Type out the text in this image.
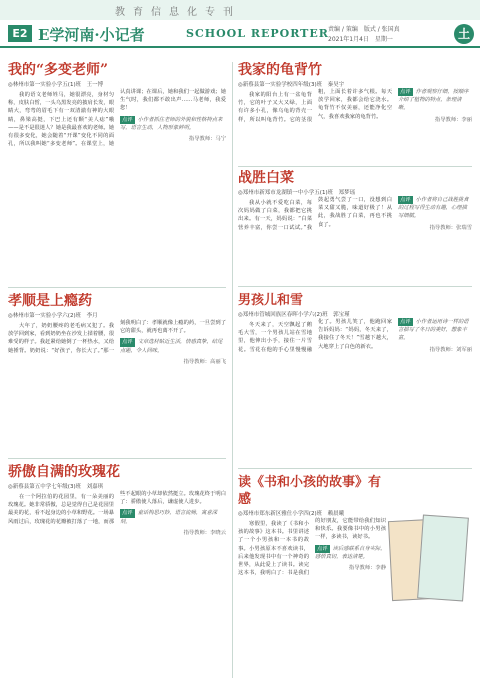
教育信息化专刊
E2 E学河南·小记者	SCHOOL REPORTER 责编 / 策编　版式 / 张国真
2021年1月4日　星期一	土
我的“多变老师”
◎林州市第一实验小学五(1)班　王一博

我的语文老师姓马，她很漂亮，身材匀称，皮肤白皙，一头乌黑发亮的披肩长发，眼睛大，弯弯的眉毛下有一双清澈有神的大眼睛，鼻梁高挺，下巴上还有颗“美人痣”哦——是不是很迷人？她是我最喜欢的老师。她有很多变化，她会随着“开课”变化不同的面孔，所以我叫她“多变老师”。在课堂上，她认真讲课；在课后，她和我们一起做游戏；她生气时，我们都不敢出声……马老师，我爱您！

点评 小作者抓住老师的外貌和性格特点来写，语言生动，人物形象鲜明。

指导教师：马宁

孝顺是上瘾药
◎林州市第一实验小学六(2)班　李月

大年了，奶奶腰疼的老毛病又犯了。我放学回到家，看到奶奶坐在沙发上揉着腰，很难受的样子。我赶紧给她倒了一杯热水，又给她捶背。奶奶说：“好孩子，你长大了。”那一刻我明白了：孝顺就像上瘾的药，一旦尝到了它的甜头，就再也离不开了。

点评 文章选材贴近生活，情感真挚，结尾点题，令人回味。

指导教师：高丽飞

骄傲自满的玫瑰花
◎新蔡县第五中学七年级(3)班　刘嘉琪

在一个阿拉伯的花园里，有一朵美丽的玫瑰花。她非常骄傲，总是觉得自己是花园里最美的花，看不起身边的小草和野花。一场暴风雨过后，玫瑰花的花瓣被打落了一地，而那些不起眼的小草却依然挺立。玫瑰花终于明白了：骄傲使人落后，谦虚使人进步。

点评 童话构思巧妙，语言流畅，寓意深刻。

指导教师：李晓云

我家的龟背竹
◎新蔡县第一实验学校四年级(3)班　秦昊宇

我家的阳台上有一盆龟背竹，它的叶子又大又绿，上面有许多小孔，像乌龟的背壳一样，所以叫龟背竹。它的茎很粗，上面长着许多气根。每天放学回家，我都会给它浇水。龟背竹不仅美丽，还能净化空气，我喜欢我家的龟背竹。

点评 作者观察仔细，按顺序介绍了植物的特点，条理清晰。

指导教师：李丽

战胜白菜
◎郑州市新郑市龙湖镇一中小学五(1)班　郑梦瑶

我从小就不爱吃白菜，每次妈妈做了白菜，我都把它挑出来。有一天，妈妈说：“白菜营养丰富，你尝一口试试。”我鼓起勇气尝了一口，没想到白菜又甜又脆，味道好极了！从此，我战胜了白菜，再也不挑食了。

点评 小作者将自己战胜挑食的过程写得生动有趣，心理描写细腻。

指导教师：张瑞雪

男孩儿和雪
◎郑州市管城回族区春晖小学六(2)班　郭宝瑾

冬天来了，天空飘起了鹅毛大雪，一个男孩儿站在雪地里，他伸出小手，接住一片雪花。雪花在他的手心里慢慢融化了。男孩儿笑了，他跑回家告诉妈妈：“妈妈，冬天来了，我接住了冬天！”雪越下越大，大地穿上了白色的新衣。

点评 小作者运用诗一样的语言描写了冬日的美好，想象丰富。

指导教师：刘军丽

读《书和小孩的故事》有感
◎郑州市郑东新区雅仕小学四(2)班　赖晨曦

寒假里，我读了《书和小孩的故事》这本书。书里讲述了一个小男孩和一本书的故事。小男孩原本不喜欢读书，后来他发现书中有一个神奇的世界，从此爱上了读书。读完这本书，我明白了：书是我们的好朋友，它能带给我们知识和快乐。我要像书中的小男孩一样，多读书，读好书。

点评 读后感联系自身实际，感悟真切，表达清楚。

指导教师：李静
